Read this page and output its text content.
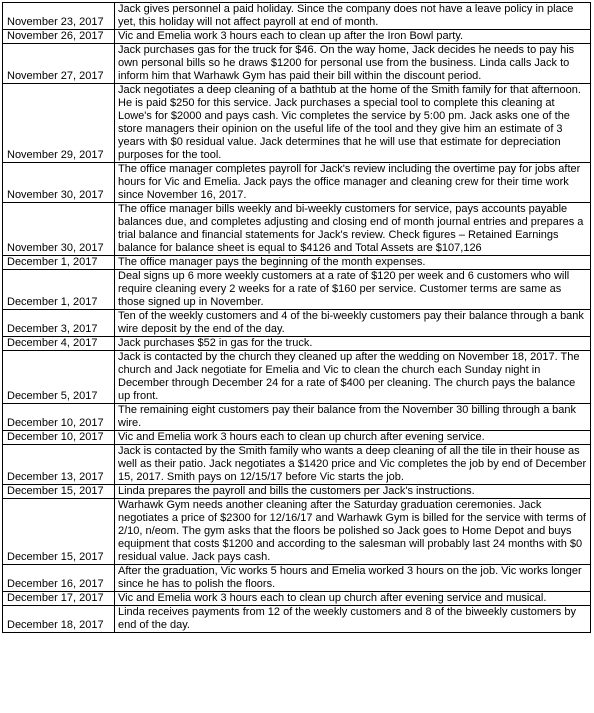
November 23, 2017	Jack gives personnel a paid holiday. Since the company does not have a leave policy in place yet, this holiday will not affect payroll at end of month.
November 26, 2017	Vic and Emelia work 3 hours each to clean up after the Iron Bowl party.
November 27, 2017	Jack purchases gas for the truck for $46. On the way home, Jack decides he needs to pay his own personal bills so he draws $1200 for personal use from the business. Linda calls Jack to inform him that Warhawk Gym has paid their bill within the discount period.
November 29, 2017	Jack negotiates a deep cleaning of a bathtub at the home of the Smith family for that afternoon. He is paid $250 for this service. Jack purchases a special tool to complete this cleaning at Lowe's for $2000 and pays cash. Vic completes the service by 5:00 pm. Jack asks one of the store managers their opinion on the useful life of the tool and they give him an estimate of 3 years with $0 residual value. Jack determines that he will use that estimate for depreciation purposes for the tool.
November 30, 2017	The office manager completes payroll for Jack's review including the overtime pay for jobs after hours for Vic and Emelia. Jack pays the office manager and cleaning crew for their time work since November 16, 2017.
November 30, 2017	The office manager bills weekly and bi-weekly customers for service, pays accounts payable balances due, and completes adjusting and closing end of month journal entries and prepares a trial balance and financial statements for Jack's review. Check figures – Retained Earnings balance for balance sheet is equal to $4126 and Total Assets are $107,126
December 1, 2017	The office manager pays the beginning of the month expenses.
December 1, 2017	Deal signs up 6 more weekly customers at a rate of $120 per week and 6 customers who will require cleaning every 2 weeks for a rate of $160 per service. Customer terms are same as those signed up in November.
December 3, 2017	Ten of the weekly customers and 4 of the bi-weekly customers pay their balance through a bank wire deposit by the end of the day.
December 4, 2017	Jack purchases $52 in gas for the truck.
December 5, 2017	Jack is contacted by the church they cleaned up after the wedding on November 18, 2017. The church and Jack negotiate for Emelia and Vic to clean the church each Sunday night in December through December 24 for a rate of $400 per cleaning. The church pays the balance up front.
December 10, 2017	The remaining eight customers pay their balance from the November 30 billing through a bank wire.
December 10, 2017	Vic and Emelia work 3 hours each to clean up church after evening service.
December 13, 2017	Jack is contacted by the Smith family who wants a deep cleaning of all the tile in their house as well as their patio. Jack negotiates a $1420 price and Vic completes the job by end of December 15, 2017. Smith pays on 12/15/17 before Vic starts the job.
December 15, 2017	Linda prepares the payroll and bills the customers per Jack's instructions.
December 15, 2017	Warhawk Gym needs another cleaning after the Saturday graduation ceremonies. Jack negotiates a price of $2300 for 12/16/17 and Warhawk Gym is billed for the service with terms of 2/10, n/eom. The gym asks that the floors be polished so Jack goes to Home Depot and buys equipment that costs $1200 and according to the salesman will probably last 24 months with $0 residual value. Jack pays cash.
December 16, 2017	After the graduation, Vic works 5 hours and Emelia worked 3 hours on the job. Vic works longer since he has to polish the floors.
December 17, 2017	Vic and Emelia work 3 hours each to clean up church after evening service and musical.
December 18, 2017	Linda receives payments from 12 of the weekly customers and 8 of the biweekly customers by end of the day.
